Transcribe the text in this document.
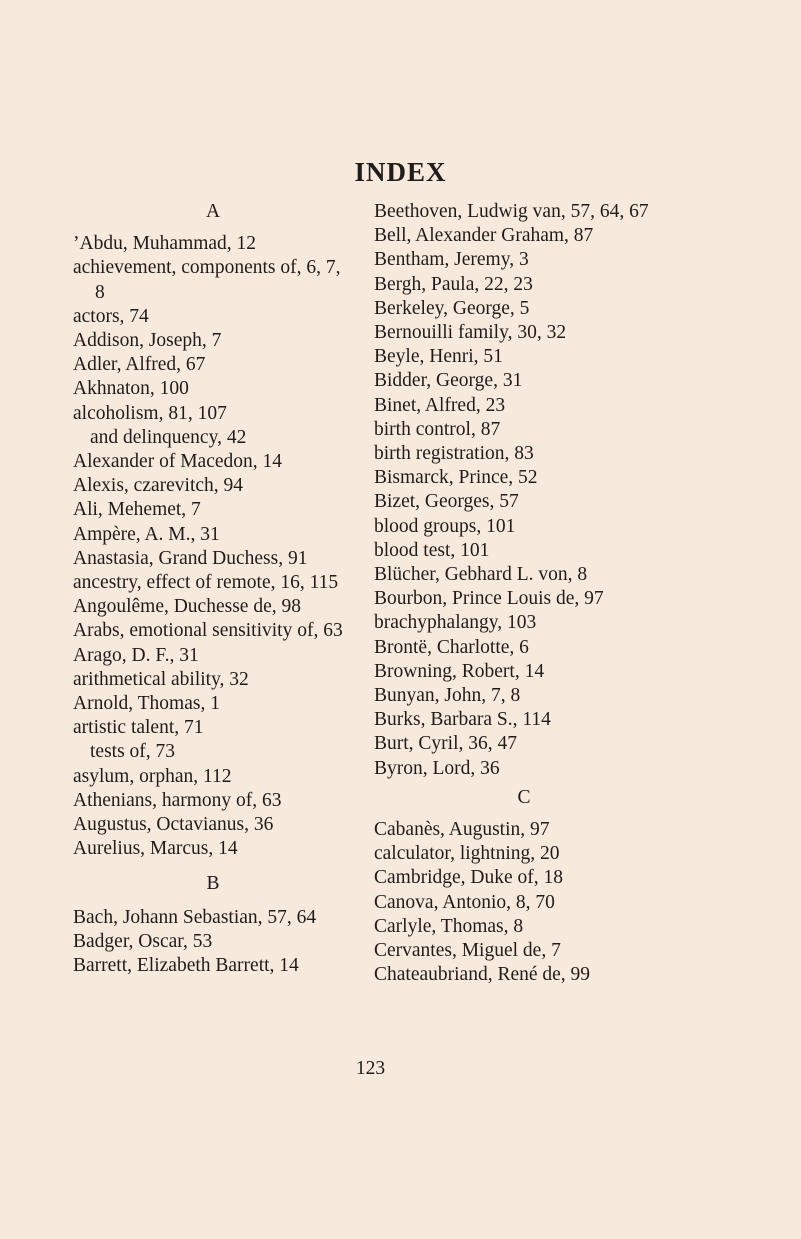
INDEX
A
’Abdu, Muhammad, 12
achievement, components of, 6, 7, 8
actors, 74
Addison, Joseph, 7
Adler, Alfred, 67
Akhnaton, 100
alcoholism, 81, 107
and delinquency, 42
Alexander of Macedon, 14
Alexis, czarevitch, 94
Ali, Mehemet, 7
Ampère, A. M., 31
Anastasia, Grand Duchess, 91
ancestry, effect of remote, 16, 115
Angoulême, Duchesse de, 98
Arabs, emotional sensitivity of, 63
Arago, D. F., 31
arithmetical ability, 32
Arnold, Thomas, 1
artistic talent, 71
tests of, 73
asylum, orphan, 112
Athenians, harmony of, 63
Augustus, Octavianus, 36
Aurelius, Marcus, 14
B
Bach, Johann Sebastian, 57, 64
Badger, Oscar, 53
Barrett, Elizabeth Barrett, 14
Beethoven, Ludwig van, 57, 64, 67
Bell, Alexander Graham, 87
Bentham, Jeremy, 3
Bergh, Paula, 22, 23
Berkeley, George, 5
Bernouilli family, 30, 32
Beyle, Henri, 51
Bidder, George, 31
Binet, Alfred, 23
birth control, 87
birth registration, 83
Bismarck, Prince, 52
Bizet, Georges, 57
blood groups, 101
blood test, 101
Blücher, Gebhard L. von, 8
Bourbon, Prince Louis de, 97
brachyphalangy, 103
Brontë, Charlotte, 6
Browning, Robert, 14
Bunyan, John, 7, 8
Burks, Barbara S., 114
Burt, Cyril, 36, 47
Byron, Lord, 36
C
Cabanès, Augustin, 97
calculator, lightning, 20
Cambridge, Duke of, 18
Canova, Antonio, 8, 70
Carlyle, Thomas, 8
Cervantes, Miguel de, 7
Chateaubriand, René de, 99
123
